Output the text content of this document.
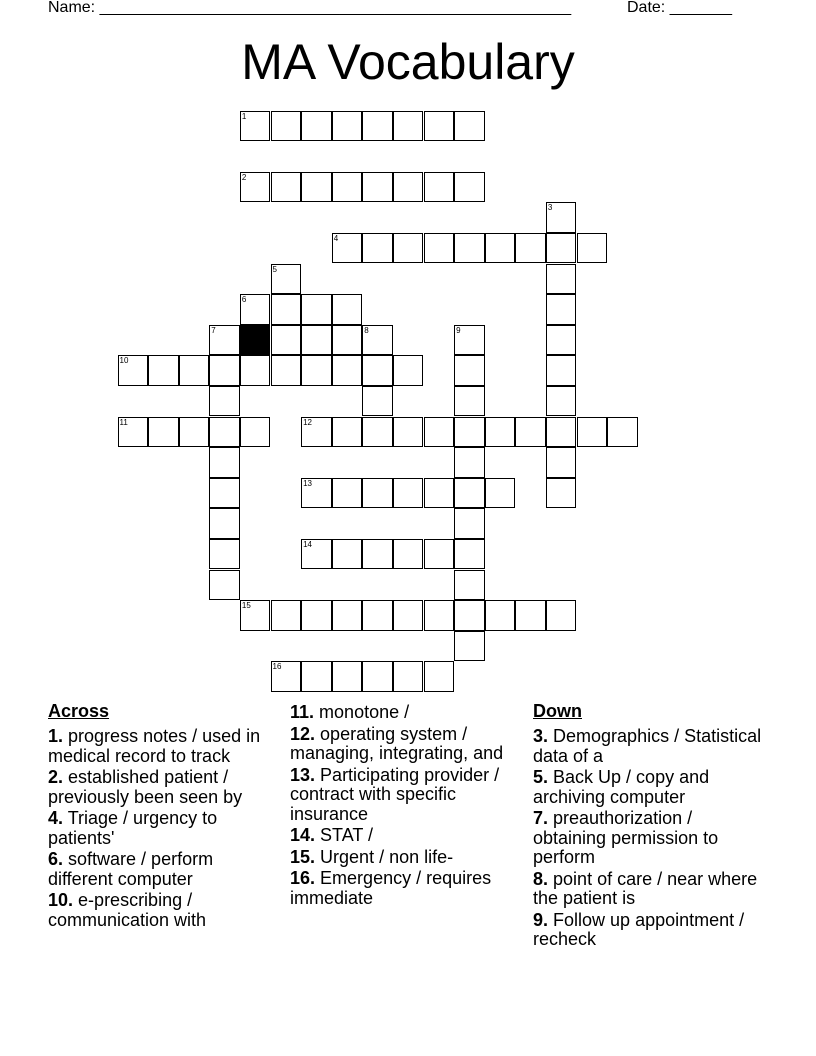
Name: _____________________________________________________	Date: _______
MA Vocabulary
1
2
3
4
5
6
7	8	9
10
11	12
13
14
15
16
Across
1. progress notes / used in medical record to track
2. established patient / previously been seen by
4. Triage / urgency to patients'
6. software / perform different computer
10. e-prescribing / communication with
11. monotone /
12. operating system / managing, integrating, and
13. Participating provider / contract with specific insurance
14. STAT /
15. Urgent / non life-
16. Emergency / requires immediate
Down
3. Demographics / Statistical data of a
5. Back Up / copy and archiving computer
7. preauthorization / obtaining permission to perform
8. point of care / near where the patient is
9. Follow up appointment / recheck
